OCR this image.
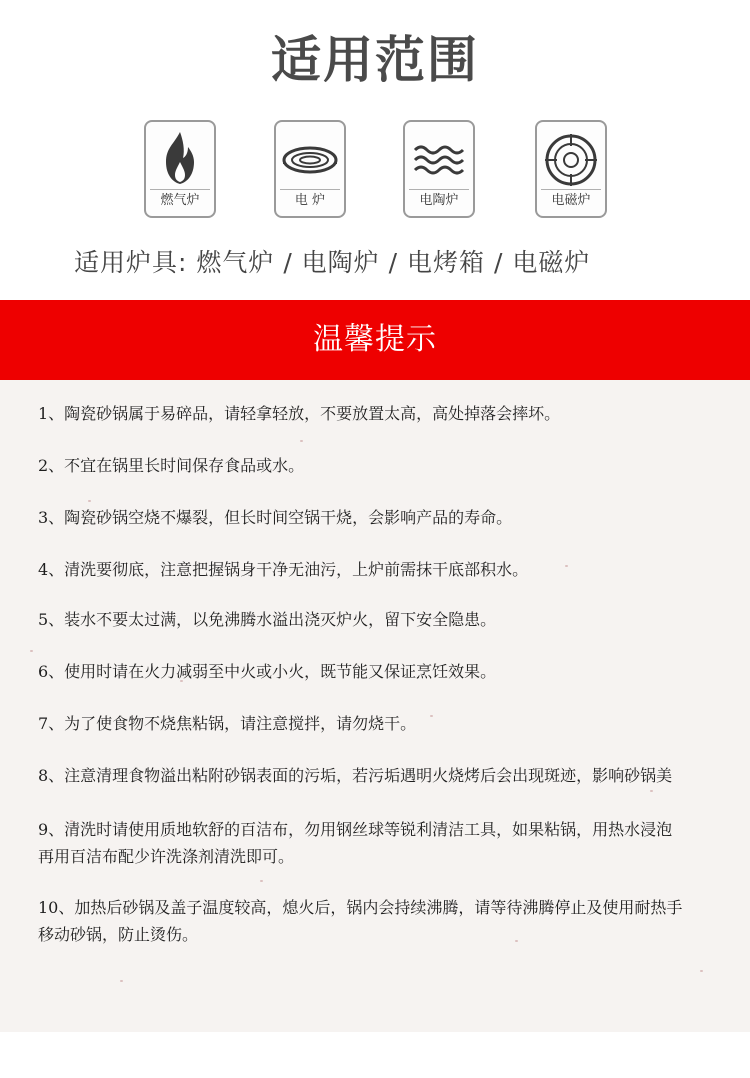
适用范围
燃气炉	电 炉	电陶炉	电磁炉
适用炉具: 燃气炉 / 电陶炉 / 电烤箱 / 电磁炉
温馨提示
1、陶瓷砂锅属于易碎品，请轻拿轻放，不要放置太高，高处掉落会摔坏。
2、不宜在锅里长时间保存食品或水。
3、陶瓷砂锅空烧不爆裂，但长时间空锅干烧，会影响产品的寿命。
4、清洗要彻底，注意把握锅身干净无油污，上炉前需抹干底部积水。
5、装水不要太过满，以免沸腾水溢出浇灭炉火，留下安全隐患。
6、使用时请在火力减弱至中火或小火，既节能又保证烹饪效果。
7、为了使食物不烧焦粘锅，请注意搅拌，请勿烧干。
8、注意清理食物溢出粘附砂锅表面的污垢，若污垢遇明火烧烤后会出现斑迹，影响砂锅美
9、清洗时请使用质地软舒的百洁布，勿用钢丝球等锐利清洁工具，如果粘锅，用热水浸泡
再用百洁布配少许洗涤剂清洗即可。
10、加热后砂锅及盖子温度较高，熄火后，锅内会持续沸腾，请等待沸腾停止及使用耐热手
移动砂锅，防止烫伤。
